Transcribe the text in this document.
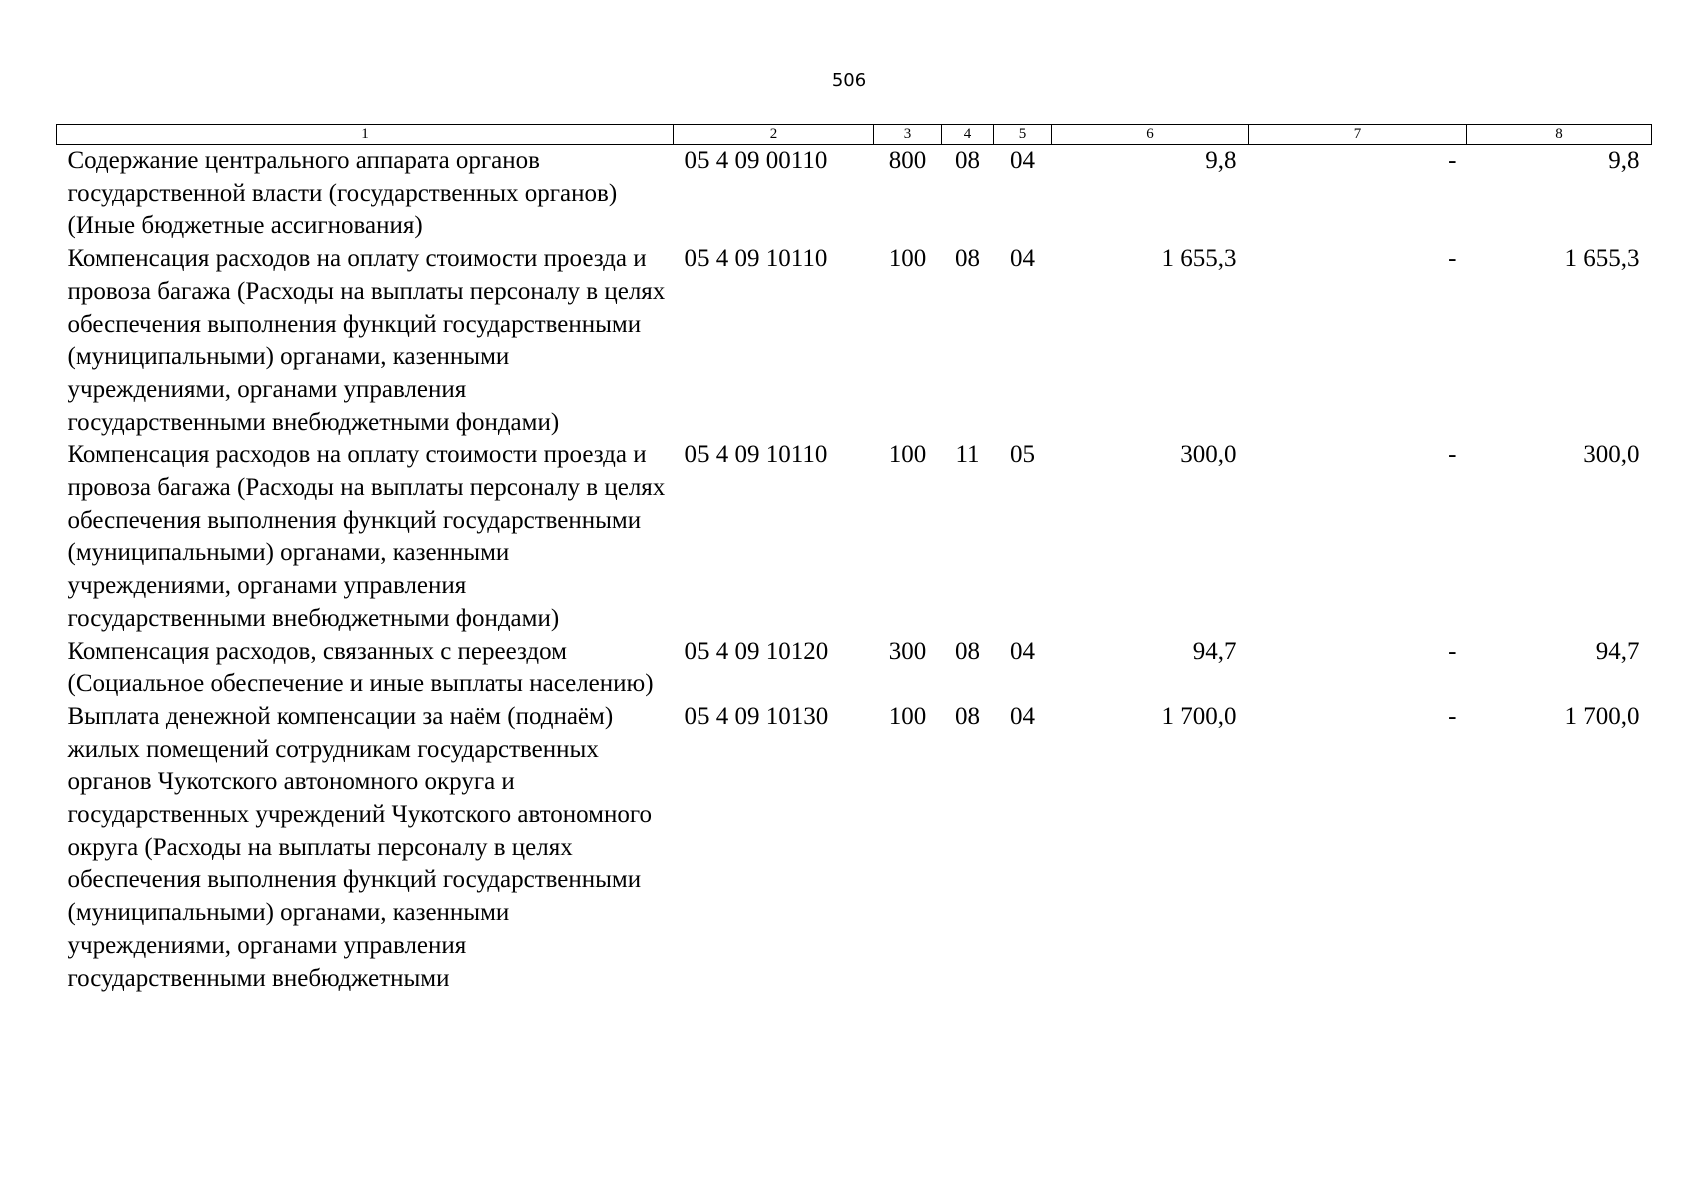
506
1	2	3	4	5	6	7	8
Содержание центрального аппарата органов государственной власти (государственных органов) (Иные бюджетные ассигнования)	05 4 09 00110	800	08	04	9,8	-	9,8
Компенсация расходов на оплату стоимости проезда и провоза багажа (Расходы на выплаты персоналу в целях обеспечения выполнения функций государственными (муниципальными) органами, казенными учреждениями, органами управления государственными внебюджетными фондами)	05 4 09 10110	100	08	04	1 655,3	-	1 655,3
Компенсация расходов на оплату стоимости проезда и провоза багажа (Расходы на выплаты персоналу в целях обеспечения выполнения функций государственными (муниципальными) органами, казенными учреждениями, органами управления государственными внебюджетными фондами)	05 4 09 10110	100	11	05	300,0	-	300,0
Компенсация расходов, связанных с переездом (Социальное обеспечение и иные выплаты населению)	05 4 09 10120	300	08	04	94,7	-	94,7
Выплата денежной компенсации за наём (поднаём) жилых помещений сотрудникам государственных органов Чукотского автономного округа и государственных учреждений Чукотского автономного округа (Расходы на выплаты персоналу в целях обеспечения выполнения функций государственными (муниципальными) органами, казенными учреждениями, органами управления государственными внебюджетными	05 4 09 10130	100	08	04	1 700,0	-	1 700,0
